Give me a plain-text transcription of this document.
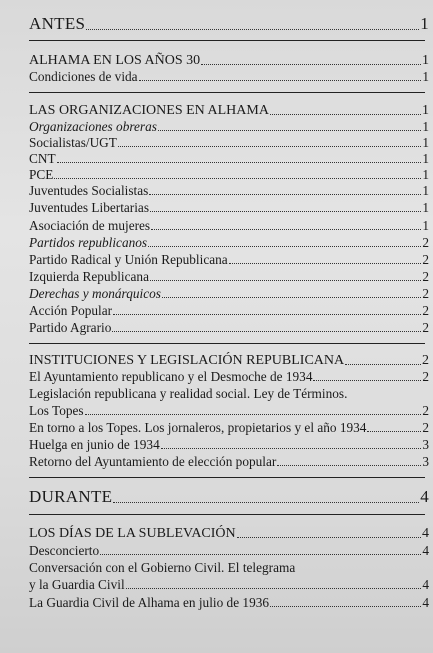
ANTES	1
ALHAMA EN LOS AÑOS 30	1
Condiciones de vida	1
LAS ORGANIZACIONES EN ALHAMA	1
Organizaciones obreras	1
Socialistas/UGT	1
CNT	1
PCE	1
Juventudes Socialistas	1
Juventudes Libertarias	1
Asociación de mujeres	1
Partidos republicanos	2
Partido Radical y Unión Republicana	2
Izquierda Republicana	2
Derechas y monárquicos	2
Acción Popular	2
Partido Agrario	2
INSTITUCIONES Y LEGISLACIÓN REPUBLICANA	2
El Ayuntamiento republicano y el Desmoche de 1934	2
Legislación republicana y realidad social. Ley de Términos.
Los Topes	2
En torno a los Topes. Los jornaleros, propietarios y el año 1934	2
Huelga en junio de 1934	3
Retorno del Ayuntamiento de elección popular	3
DURANTE	4
LOS DÍAS DE LA SUBLEVACIÓN	4
Desconcierto	4
Conversación con el Gobierno Civil. El telegrama
y la Guardia Civil	4
La Guardia Civil de Alhama en julio de 1936	4
